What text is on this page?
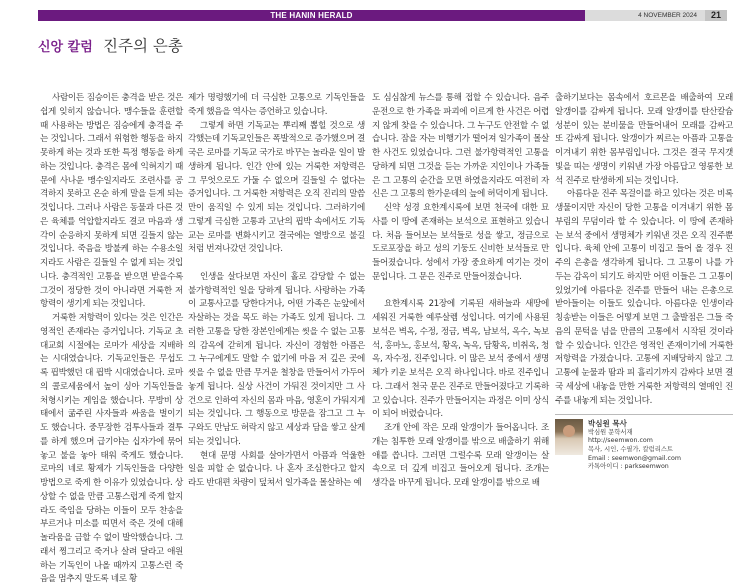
THE HANIN HERALD	4 NOVEMBER 2024	21
신앙 칼럼 진주의 은총

사람이든 짐승이든 충격을 받은 것은 쉽게 잊히지 않습니다. 맹수들을 훈련할 때 사용하는 방법은 짐승에게 충격을 주는 것입니다. 그래서 위험한 행동을 하지 못하게 하는 것과 또한 특정 행동을 하게 하는 것입니다. 충격은 몸에 익혀지기 때문에 사나운 맹수일지라도 조련사를 공격하지 못하고 온순 하게 말을 듣게 되는 것입니다. 그러나 사람은 동물과 다른 것은 육체를 억압할지라도 결코 마음과 생각이 순응하지 못하게 되면 길들지 않는 것입니다. 죽음을 방불케 하는 수용소일지라도 사람은 길들일 수 없게 되는 것입니다. 충격적인 고통을 받으면 받을수록 그것이 정당한 것이 아니라면 거룩한 저항력이 생기게 되는 것입니다.

거룩한 저항력이 있다는 것은 인간은 영적인 존재라는 증거입니다. 기독교 초대교회 시절에는 로마가 세상을 지배하는 시대였습니다. 기독교인들은 무섭도록 핍박했던 대 핍박 시대였습니다. 로마의 콜로세움에서 높이 싱아 기독인들을 처형시키는 게임을 했습니다. 무방비 상태에서 굶주린 사자들과 싸움을 벌이기도 했습니다. 중무장한 검투사들과 결투를 하게 했으며 급기야는 십자가에 묶어 놓고 불을 놓아 태워 죽게도 했습니다. 로마의 네로 황제가 기독인들을 다양한 방법으로 죽게 한 이유가 있었습니다. 상상할 수 없을 만큼 고통스럽게 죽게 할지라도 죽임을 당하는 이들이 모두 찬송을 부르거나 미소를 띠면서 죽은 것에 대해 놀라움을 금할 수 없이 발악했습니다. 그래서 찡그리고 죽거나 살려 달라고 애원하는 기독인이 나올 때까지 고통스런 죽음을 멈추지 말도록 네로 황

제가 명령했기에 더 극심한 고통으로 기독인들을 죽게 했음을 역사는 증언하고 있습니다.

그렇게 하면 기독교는 뿌리째 뽑힐 것으로 생각했는데 기독교인들은 폭발적으로 증가했으며 결국은 로마를 기독교 국가로 바꾸는 놀라운 일이 발생하게 됩니다. 인간 안에 있는 거룩한 저항력은 그 무엇으로도 가둘 수 없으며 길들일 수 없다는 증거입니다. 그 거룩한 저항력은 오직 진리의 말씀만이 움직일 수 있게 되는 것입니다. 그러하기에 그렇게 극심한 고통과 고난의 핍박 속에서도 기독교는 로마를 변화시키고 결국에는 열방으로 불길처럼 번져나갔던 것입니다.

인생을 살다보면 자신이 홀로 감당할 수 없는 불가항력적인 일을 당하게 됩니다. 사랑하는 가족이 교통사고를 당한다거나, 어떤 가족은 눈앞에서 자살하는 것을 목도 하는 가족도 있게 됩니다. 그러한 고통을 당한 장본인에게는 씻을 수 없는 고통의 감옥에 갇히게 됩니다. 자신이 경험한 아픔은 그 누구에게도 말할 수 없기에 마음 저 깊은 곳에 씻을 수 없을 만큼 무거운 철창을 만들어서 가두어 놓게 됩니다. 실상 사건이 가둬진 것이지만 그 사건으로 인하여 자신의 몸과 마음, 영혼이 가둬지게 되는 것입니다. 그 행동으로 방문을 잠그고 그 누구와도 만남도 허락지 않고 세상과 담을 쌓고 살게 되는 것입니다.

현대 문명 사회를 살아가면서 아픔과 억울한 일을 피할 순 없습니다. 나 혼자 조심한다고 할지라도 반대편 차량이 덮쳐서 일가족을 몰살하는 예

도 심심찮게 뉴스를 통해 접할 수 있습니다. 음주운전으로 한 가족을 파괴에 이르게 한 사건은 어렵지 않게 찾을 수 있습니다. 그 누구도 안전할 수 없습니다. 잠을 자는 비행기가 떨어져 일가족이 몰살한 사건도 있었습니다. 그런 불가항력적인 고통을 당하게 되면 그것을 듣는 가까운 지인이나 가족들은 그 고통의 순간을 모면 하였을지라도 여전히 자신은 그 고통의 한가운데의 늪에 허덕이게 됩니다.

신약 성경 요한계시록에 보면 천국에 대한 묘사를 이 땅에 존재하는 보석으로 표현하고 있습니다. 처음 들어보는 보석들로 성을 쌓고, 정금으로 도로포장을 하고 성의 기둥도 신비한 보석들로 만들어졌습니다. 성에서 가장 중요하게 여기는 것이 문입니다. 그 문은 진주로 만들어졌습니다.

요한계시록 21장에 기록된 새하늘과 새땅에 세워진 거룩한 예루살렘 성입니다. 여기에 사용된 보석은 벽옥, 수정, 정금, 벽옥, 남보석, 옥수, 녹보석, 홍마노, 홍보석, 황옥, 녹옥, 담황옥, 비취옥, 청옥, 자수정, 진주입니다. 이 많은 보석 중에서 생명체가 키운 보석은 오직 하나입니다. 바로 진주입니다. 그래서 천국 문은 진주로 만들어졌다고 기록하고 있습니다. 진주가 만들어지는 과정은 이미 상식이 되어 버렸습니다.

조개 안에 작은 모래 알갱이가 들어옵니다. 조개는 침투한 모래 알갱이를 밖으로 배출하기 위해 애를 씁니다. 그러면 그럴수록 모래 알갱이는 살 속으로 더 깊게 비집고 들어오게 됩니다. 조개는 생각을 바꾸게 됩니다. 모래 알갱이를 밖으로 배

출하기보다는 몸속에서 호르몬을 배출하여 모래 알갱이를 감싸게 됩니다. 모래 알갱이를 탄산칼슘 성분이 있는 분비물을 만들어내어 모래를 감싸고 또 감싸게 됩니다. 알갱이가 찌르는 아픔과 고통을 이겨내기 위한 몸부림입니다. 그것은 결국 무지갯빛을 띠는 생명이 키워낸 가장 아름답고 영롱한 보석 진주로 탄생하게 되는 것입니다.

아름다운 진주 목걸이를 하고 있다는 것은 비록 생물이지만 자신이 당한 고통을 이겨내기 위한 몸부림의 무덤이라 할 수 있습니다. 이 땅에 존재하는 보석 중에서 생명체가 키워낸 것은 오직 진주뿐입니다. 육체 안에 고통이 비집고 들어 올 경우 진주의 은총을 생각하게 됩니다. 그 고통이 나를 가두는 감옥이 되기도 하지만 어떤 이들은 그 고통이 있었기에 아름다운 진주를 만들어 내는 은총으로 받아들이는 이들도 있습니다. 아름다운 인생이라 칭송받는 이들은 어떻게 보면 그 출발점은 그들 죽음의 문턱을 넘을 만큼의 고통에서 시작된 것이라 할 수 있습니다. 인간은 영적인 존재이기에 거룩한 저항력을 가졌습니다. 고통에 지배당하지 않고 그 고통에 눈물과 땀과 피 흘리기까지 감싸다 보면 결국 세상에 내놓을 만한 거룩한 저항력의 열매인 진주를 내놓게 되는 것입니다.

박심원 목사
박심원 문학서재
http://seemwon.com
목사, 시인, 수필가, 칼럼리스트
Email : seemwon@gmail.com
카톡아이디 : parkseemwon
